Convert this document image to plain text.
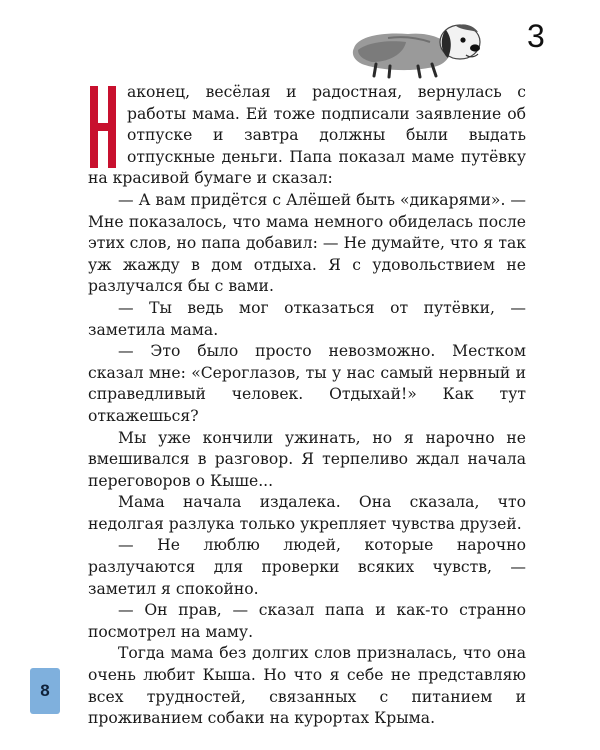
3

аконец, весёлая и радостная, вернулась с работы мама. Ей тоже подписали заявление об отпуске и завтра должны были выдать отпускные деньги. Папа показал маме путёвку на красивой бумаге и сказал:

— А вам придётся с Алёшей быть «дикарями». — Мне показалось, что мама немного обиделась после этих слов, но папа добавил: — Не думайте, что я так уж жажду в дом отдыха. Я с удовольствием не разлучался бы с вами.

— Ты ведь мог отказаться от путёвки, — заметила мама.

— Это было просто невозможно. Местком сказал мне: «Сероглазов, ты у нас самый нервный и справедливый человек. Отдыхай!» Как тут откажешься?

Мы уже кончили ужинать, но я нарочно не вмешивался в разговор. Я терпеливо ждал начала переговоров о Кыше...

Мама начала издалека. Она сказала, что недолгая разлука только укрепляет чувства друзей.

— Не люблю людей, которые нарочно разлучаются для проверки всяких чувств, — заметил я спокойно.

— Он прав, — сказал папа и как-то странно посмотрел на маму.

Тогда мама без долгих слов призналась, что она очень любит Кыша. Но что я себе не представляю всех трудностей, связанных с питанием и проживанием собаки на курортах Крыма.

8
